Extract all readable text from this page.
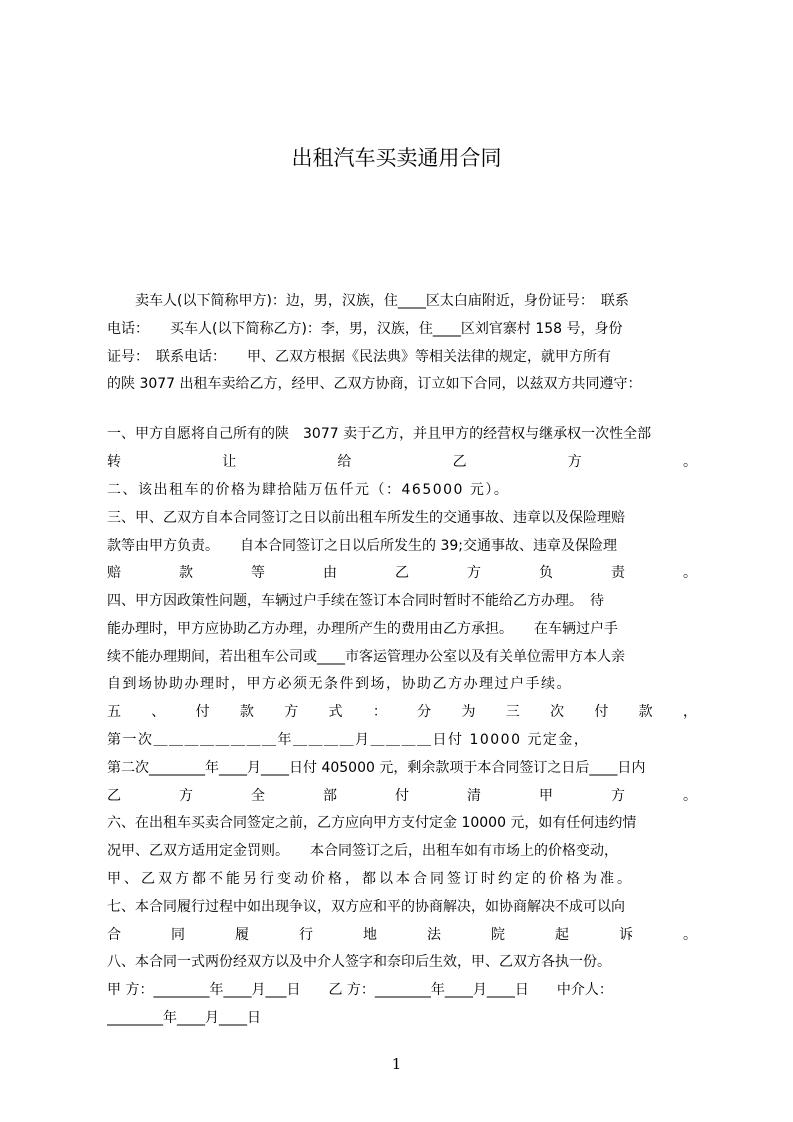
出租汽车买卖通用合同
　　卖车人(以下简称甲方)：边，男，汉族，住____区太白庙附近，身份证号：　联系
电话：　　买车人(以下简称乙方)：李，男，汉族，住____区刘官寨村 158 号，身份
证号：　联系电话：　　甲、乙双方根据《民法典》等相关法律的规定，就甲方所有
的陕 3077 出租车卖给乙方，经甲、乙双方协商，订立如下合同，以兹双方共同遵守：
一、甲方自愿将自己所有的陕　3077 卖于乙方，并且甲方的经营权与继承权一次性全部
转 让 给 乙 方 。
二、该出租车的价格为肆拾陆万伍仟元（：465000 元）。
三、甲、乙双方自本合同签订之日以前出租车所发生的交通事故、违章以及保险理赔
款等由甲方负责。　　自本合同签订之日以后所发生的 39;交通事故、违章及保险理
赔 款 等 由 乙 方 负 责 。
四、甲方因政策性问题，车辆过户手续在签订本合同时暂时不能给乙方办理。　待
能办理时，甲方应协助乙方办理，办理所产生的费用由乙方承担。　　在车辆过户手
续不能办理期间，若出租车公司或____市客运管理办公室以及有关单位需甲方本人亲
自到场协助办理时，甲方必须无条件到场，协助乙方办理过户手续。
五 、 付 款 方 式 ： 分 为 三 次 付 款 ，
第一次＿＿＿＿＿＿＿＿年＿＿＿＿月＿＿＿＿日付 10000 元定金，
第二次________年____月____日付 405000 元，剩余款项于本合同签订之日后____日内
乙 方 全 部 付 清 甲 方 。
六、在出租车买卖合同签定之前，乙方应向甲方支付定金 10000 元，如有任何违约情
况甲、乙双方适用定金罚则。　　本合同签订之后，出租车如有市场上的价格变动，
甲、乙双方都不能另行变动价格，都以本合同签订时约定的价格为准。
七、本合同履行过程中如出现争议，双方应和平的协商解决，如协商解决不成可以向
合 同 履 行 地 法 院 起 诉 。
八、本合同一式两份经双方以及中介人签字和奈印后生效，甲、乙双方各执一份。
甲 方：________年____月___日　　乙 方：________年____月____日　　中介人：
________年____月____日
1
